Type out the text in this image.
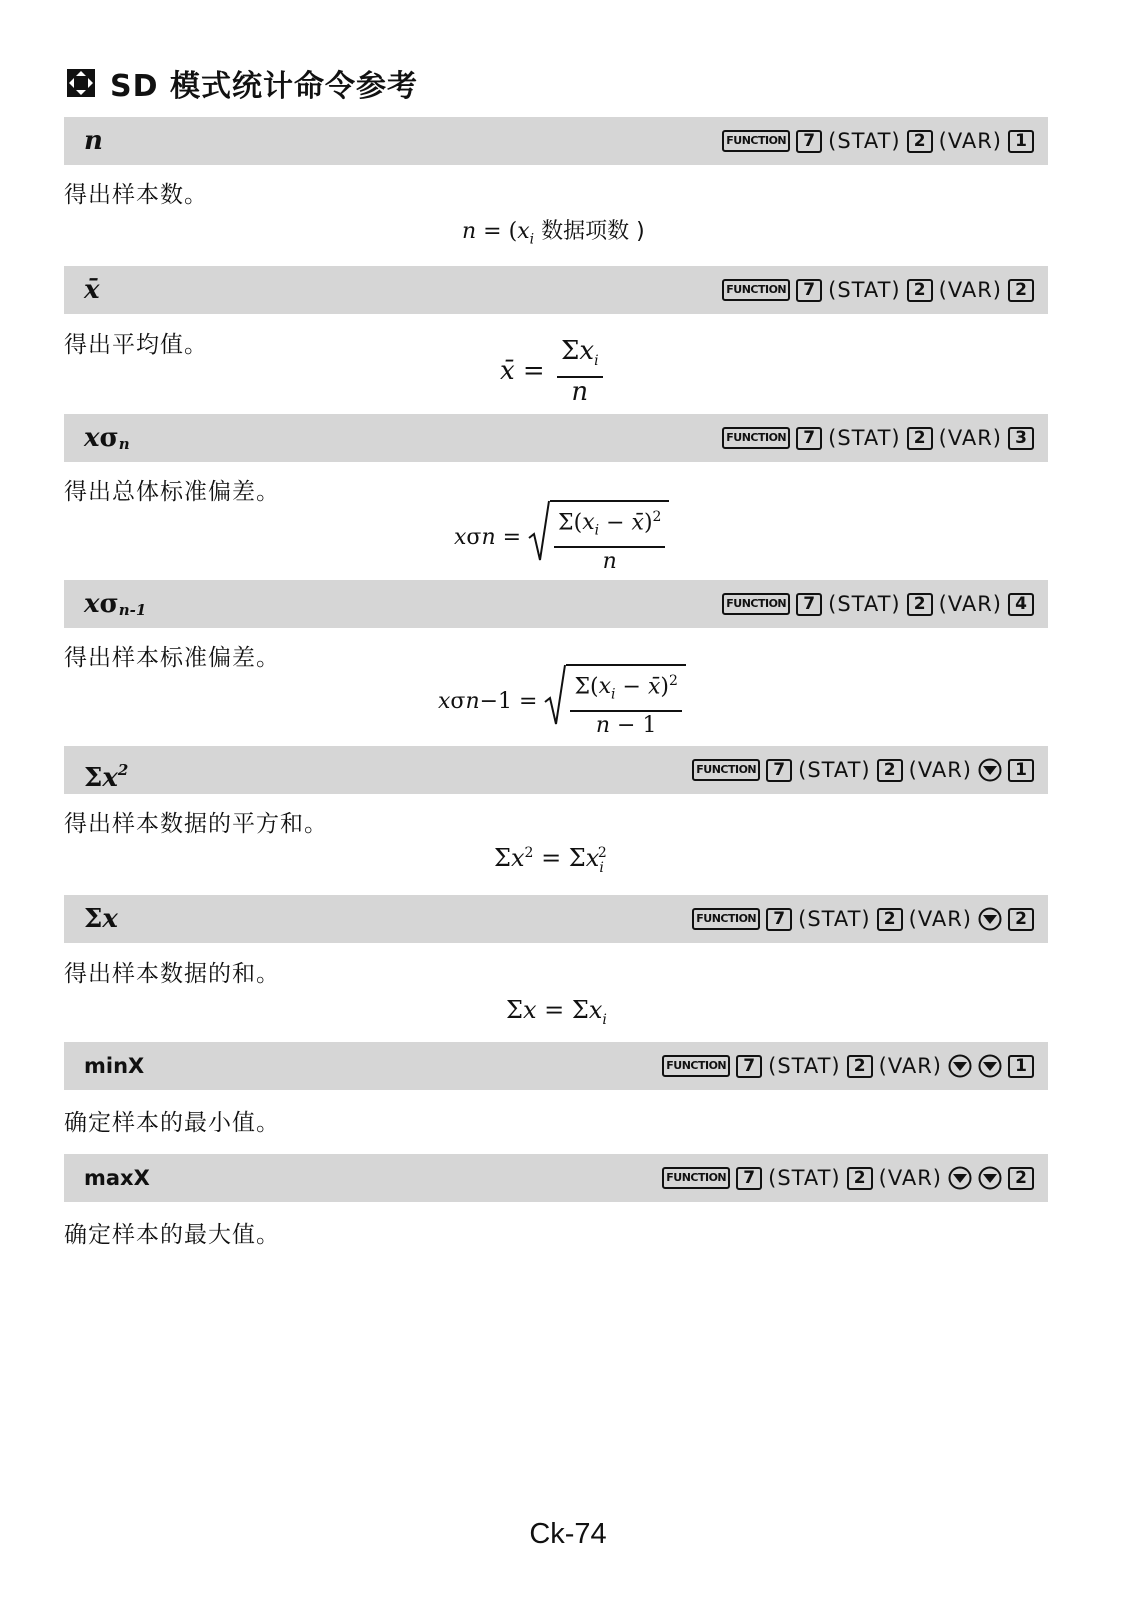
SD 模式统计命令参考
n	FUNCTION	7 (STAT) 2 (VAR) 1
得出样本数。
$n = (x_i$ 数据项数 )
x̄	FUNCTION	7 (STAT) 2 (VAR) 2
得出平均值。
x̄ = $\frac{\Sigma x_i}{n}$
$x\sigma_n$	FUNCTION	7 (STAT) 2 (VAR) 3
得出总体标准偏差。
x σ $n = \frac{\Sigma(x_i - x̄)^2}{n}$
$x\sigma_{n-1}$	FUNCTION	7 (STAT) 2 (VAR) 4
得出样本标准偏差。
x σ $n -1 = \frac{\Sigma(x_i - x̄)^2}{n - 1}$
$\Sigma x^2$	FUNCTION	7 (STAT) 2 (VAR)	1
得出样本数据的平方和。
$\Sigma x^2 = \Sigma x_i^2$
Σx	FUNCTION	7 (STAT) 2 (VAR)	2
得出样本数据的和。
$\Sigma x = \Sigma x_i$
minX	FUNCTION	7 (STAT) 2 (VAR)	1
确定样本的最小值。
maxX	FUNCTION	7 (STAT) 2 (VAR)	2
确定样本的最大值。
Ck-74
